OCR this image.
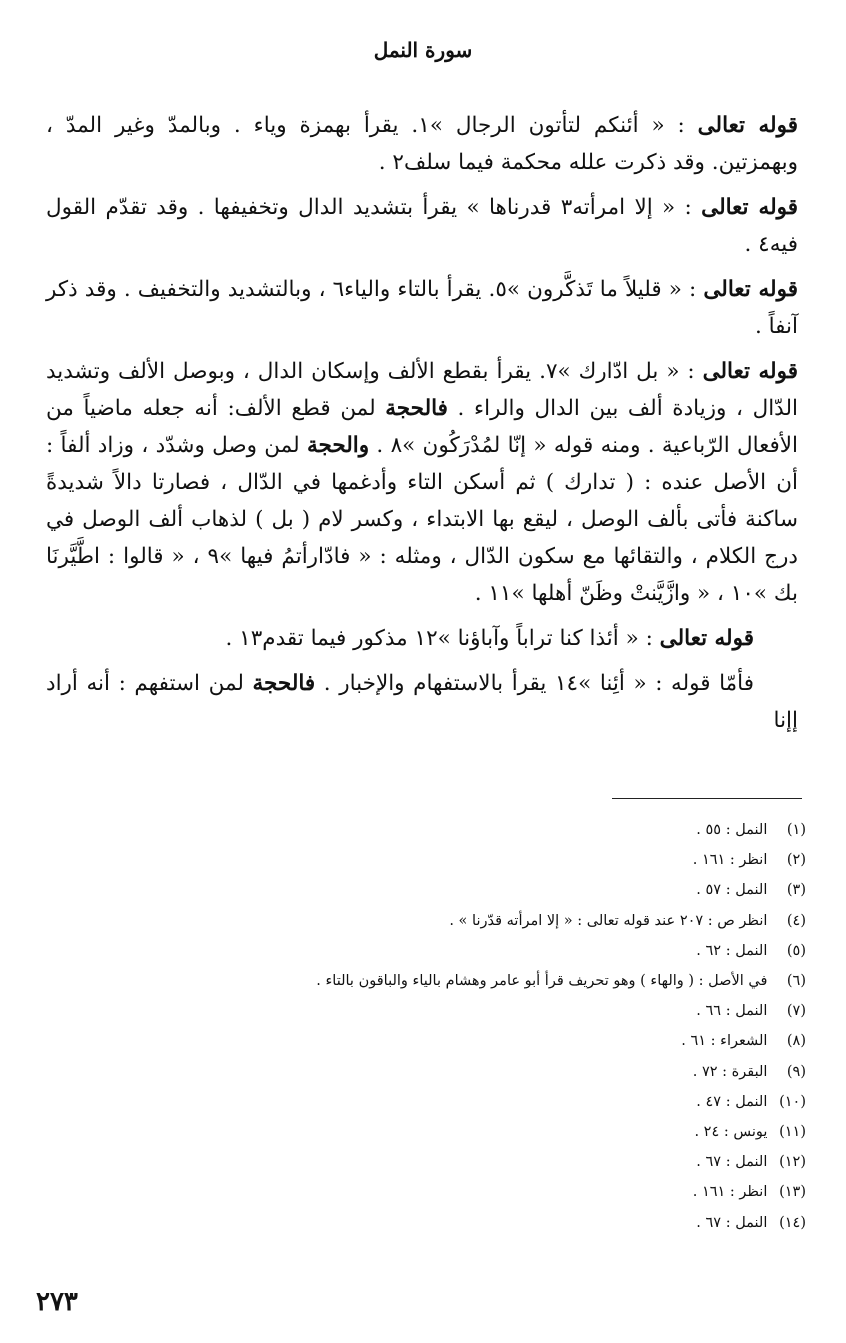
سورة النمل

قوله تعالى : « أئنكم لتأتون الرجال »١. يقرأ بهمزة وياء . وبالمدّ وغير المدّ ، وبهمزتين. وقد ذكرت علله محكمة فيما سلف٢ .

قوله تعالى : « إلا امرأته٣ قدرناها » يقرأ بتشديد الدال وتخفيفها . وقد تقدّم القول فيه٤ .

قوله تعالى : « قليلاً ما تَذكَّرون »٥. يقرأ بالتاء والياء٦ ، وبالتشديد والتخفيف . وقد ذكر آنفاً .

قوله تعالى : « بل ادّارك »٧. يقرأ بقطع الألف وإسكان الدال ، وبوصل الألف وتشديد الدّال ، وزيادة ألف بين الدال والراء . فالحجة لمن قطع الألف: أنه جعله ماضياً من الأفعال الرّباعية . ومنه قوله « إنّا لمُدْرَكُون »٨ . والحجة لمن وصل وشدّد ، وزاد ألفاً : أن الأصل عنده : ( تدارك ) ثم أسكن التاء وأدغمها في الدّال ، فصارتا دالاً شديدةً ساكنة فأتى بألف الوصل ، ليقع بها الابتداء ، وكسر لام ( بل ) لذهاب ألف الوصل في درج الكلام ، والتقائها مع سكون الدّال ، ومثله : « فادّارأتمُ فيها »٩ ، « قالوا : اطَّيَّرنَا بك »١٠ ، « وازَّيَّنتْ وظَنّ أهلها »١١ .

قوله تعالى : « أئذا كنا تراباً وآباؤنا »١٢ مذكور فيما تقدم١٣ .

فأمّا قوله : « أئِنا »١٤ يقرأ بالاستفهام والإخبار . فالحجة لمن استفهم : أنه أراد إإنا

(١) النمل : ٥٥ .
(٢) انظر : ١٦١ .
(٣) النمل : ٥٧ .
(٤) انظر ص : ٢٠٧ عند قوله تعالى : « إلا امرأته قدّرنا » .
(٥) النمل : ٦٢ .
(٦) في الأصل : ( والهاء ) وهو تحريف قرأ أبو عامر وهشام بالياء والباقون بالتاء .
(٧) النمل : ٦٦ .
(٨) الشعراء : ٦١ .
(٩) البقرة : ٧٢ .
(١٠) النمل : ٤٧ .
(١١) يونس : ٢٤ .
(١٢) النمل : ٦٧ .
(١٣) انظر : ١٦١ .
(١٤) النمل : ٦٧ .
٢٧٣
